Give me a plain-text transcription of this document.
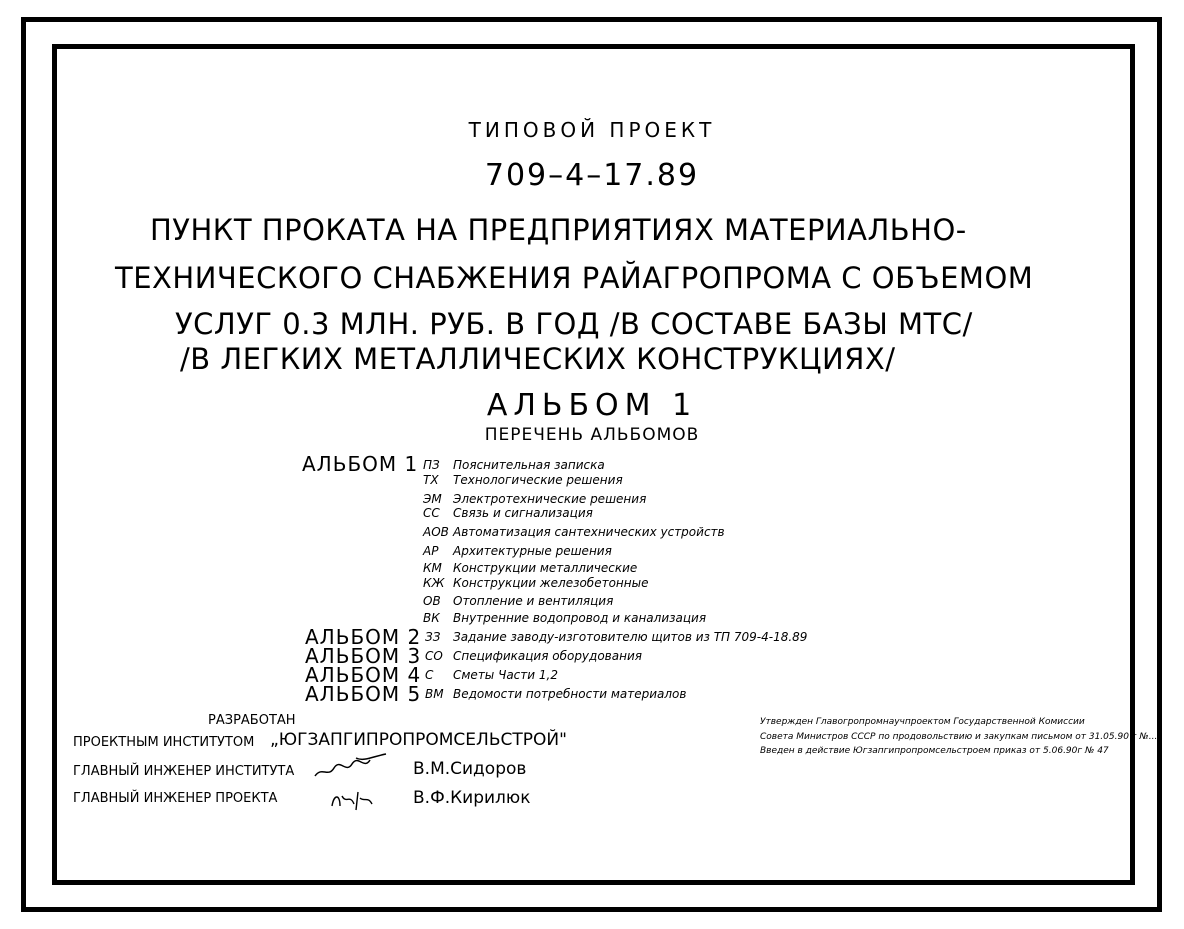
ТИПОВОЙ ПРОЕКТ
709–4–17.89
ПУНКТ ПРОКАТА НА ПРЕДПРИЯТИЯХ МАТЕРИАЛЬНО-
ТЕХНИЧЕСКОГО СНАБЖЕНИЯ РАЙАГРОПРОМА С ОБЪЕМОМ
УСЛУГ 0.3 МЛН. РУБ. В ГОД /В СОСТАВЕ БАЗЫ МТС/
/В ЛЕГКИХ МЕТАЛЛИЧЕСКИХ КОНСТРУКЦИЯХ/
АЛЬБОМ 1
ПЕРЕЧЕНЬ АЛЬБОМОВ
АЛЬБОМ 1 ПЗ Пояснительная записка
ТХ Технологические решения
ЭМ Электротехнические решения
СС Связь и сигнализация
АОВ Автоматизация сантехнических устройств
АР Архитектурные решения
КМ Конструкции металлические
КЖ Конструкции железобетонные
ОВ Отопление и вентиляция
ВК Внутренние водопровод и канализация
АЛЬБОМ 2 ЗЗ Задание заводу-изготовителю щитов из ТП 709-4-18.89
АЛЬБОМ 3 СО Спецификация оборудования
АЛЬБОМ 4 С Сметы Части 1,2
АЛЬБОМ 5 ВМ Ведомости потребности материалов
РАЗРАБОТАН
ПРОЕКТНЫМ ИНСТИТУТОМ „ЮГЗАПГИПРОПРОМСЕЛЬСТРОЙ"
ГЛАВНЫЙ ИНЖЕНЕР ИНСТИТУТА	В.М.Сидоров
ГЛАВНЫЙ ИНЖЕНЕР ПРОЕКТА	В.Ф.Кирилюк
Утвержден Главогропромнаучпроектом Государственной Комиссии
Совета Министров СССР по продовольствию и закупкам письмом от 31.05.90 г №...
Введен в действие Югзапгипропромсельстроем приказ от 5.06.90г № 47
